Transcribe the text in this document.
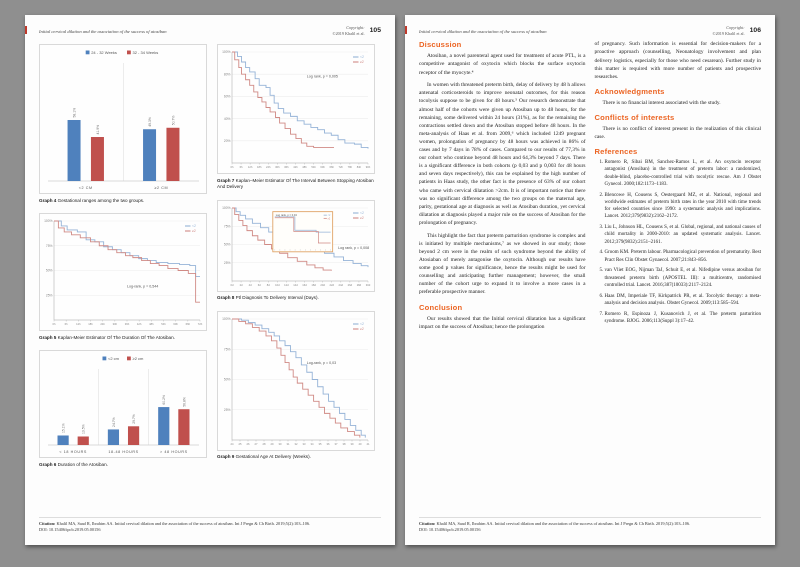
Initial cervical dilation and the association of the success of atosiban
Copyright:
©2019 Khalil et al. 105
24 - 32 Weeks	32 - 34 Weeks
58.1%
41.9%
<2 CM
49.3%	50.7%
≥2 CM
Graph 4 Gestational ranges among the two groups.
100%
75%
50%
25%
0h	6h	12h	18h	24h	30h	36h	42h	48h	54h	60h	66h	72h
<2
≥2
Log-rank, p = 0,544
Graph 5 Kaplan-Meier Estimator Of The Duration Of The Atosiban.
<2 cm	≥2 cm
15.1%	13.5%
< 18 HOURS
24.7%	29.7%
18-48 HOURS
60.2%	56.8%
> 48 HOURS
Graph 6 Duration of the Atosiban.
100%
80%
60%
40%
20%
0h 6h 12h 18h 24h 30h 36h 42h 48h 54h 60h 66h 72h 78h 84h 90h
<2
≥2
Log rank, p = 0,005
Graph 7 Kaplan–Meier Estimator Of The Interval Between Stopping Atosiban And Delivery
100%
75%
50%
25%
0d 2d 4d 6d 8d 10d 12d 14d 16d 18d 20d 22d 24d 26d 28d 30d
<2
≥2
Log rank, p = 0,008
Log rank, p = 0,04	<2
≥2
Graph 8 Ptl Diagnosis To Delivery Interval (Days).
100%
75%
50%
25%
24 25 26 27 28 29 30 31 32 33 34 35 36 37 38 39 40 41
<2
≥2
Log-rank, p = 0,03
Graph 9 Gestational Age At Delivery (Weeks).

Citation: Khalil MA, Saad R, Ibrahim AA. Initial cervical dilation and the association of the success of atosiban. Int J Pregn & Ch Birth. 2019;5(2):103–106.

DOI: 10.15406/ipcb.2019.05.00156

Initial cervical dilation and the association of the success of atosiban
Copyright:
©2019 Khalil et al. 106
Discussion

Atosiban, a novel parenteral agent used for treatment of acute PTL, is a competitive antagonist of oxytocin which blocks the surface oxytocin receptor of the myocyte.⁴

In women with threatened preterm birth, delay of delivery by 48 h allows antenatal corticosteroids to improve neonatal outcomes, for this reason tocolysis suppose to be given for 48 hours.⁵ Our research demonstrate that almost half of the cohorts were given up Atosiban up to 48 hours, for the remaining, some delivered within 24 hours (31%), as for the remaining the contractions settled down and the Atosiban stopped before 48 hours. In the meta-analysis of Haas et al. from 2009,⁶ which included 1249 pregnant women, prolongation of pregnancy by 48 hours was achieved in 86% of cases and by 7 days in 78% of cases. Compared to our results of 77,3% in our cohort who continue beyond 48 hours and 64,3% beyond 7 days. There is a significant difference in both cohorts (p 0,03 and p 0,003 for 48 hours and seven days respectively), this can be explained by the high number of patients in Haas study, the other fact is the presence of 63% of our cohort who came with cervical dilatation >2cm. It is of important notice that there was no significant difference among the two groups on the maternal age, parity, gestational age at diagnosis as well as Atosiban duration, yet cervical dilatation at diagnosis played a major rule on the success of Atosiban for the prolongation of pregnancy.

This highlight the fact that preterm parturition syndrome is complex and is initiated by multiple mechanisms,⁷ as we showed in our study; those beyond 2 cm were in the realm of such syndrome beyond the ability of Atosiaban of merely antagonise the oxytocin. Although our results have some good p values for significance, hence the results might be used for counselling and anticipating further management; however, the small number of the cohort urge to expand it to involve a more cases in a preferable prospective manner.

Conclusion

Our results showed that the Initial cervical dilatation has a significant impact on the success of Atosiban; hence the prolongation

of pregnancy. Such information is essential for decision-makers for a proactive approach (counselling, Neonatology involvement and plan delivery logistics, especially for those who need cesarean). Further study in this matter is required with more number of patients and prospective researches.

Acknowledgments

There is no financial interest associated with the study.

Conflicts of interests

There is no conflict of interest present in the realization of this clinical case.

References
1. Romero R, Sibai BM, Sanchez-Ramos L, et al. An oxytocin receptor antagonist (Atosiban) in the treatment of preterm labor: a randomized, double-blind, placebo-controlled trial with tocolytic rescue. Am J Obstet Gynecol. 2000;182:1173–1183.
2. Blencowe H, Cousens S, Oestergaard MZ, et al. National, regional and worldwide estimates of preterm birth rates in the year 2010 with time trends for selected countries since 1990: a systematic analysis and implications. Lancet. 2012;379(9832):2162–2172.
3. Liu L, Johnson HL, Cousens S, et al. Global, regional, and national causes of child mortality in 2000-2010: an updated systematic analysis. Lancet. 2012;379(9832):2151–2161.
4. Groom KM. Preterm labour. Pharmacological prevention of prematurity. Best Pract Res Clin Obstet Gynaecol. 2007;21:843–856.
5. van Vliet EOG, Nijman TaJ, Schuit E, et al. Nifedipine versus atosiban for threatened preterm birth (APOSTEL III): a multicentre, randomised controlled trial. Lancet. 2016;387(10033):2117–2124.
6. Haas DM, Imperiale TF, Kirkpatrick PR, et al. Tocolytic therapy: a meta-analysis and decision analysis. Obstet Gynecol. 2009;113:585–594.
7. Romero R, Espinoza J, Kusanovich J, et al. The preterm parturition syndrome. BJOG. 2006;113(Suppl 3):17–42.

Citation: Khalil MA, Saad R, Ibrahim AA. Initial cervical dilation and the association of the success of atosiban. Int J Pregn & Ch Birth. 2019;5(2):103–106.

DOI: 10.15406/ipcb.2019.05.00156
